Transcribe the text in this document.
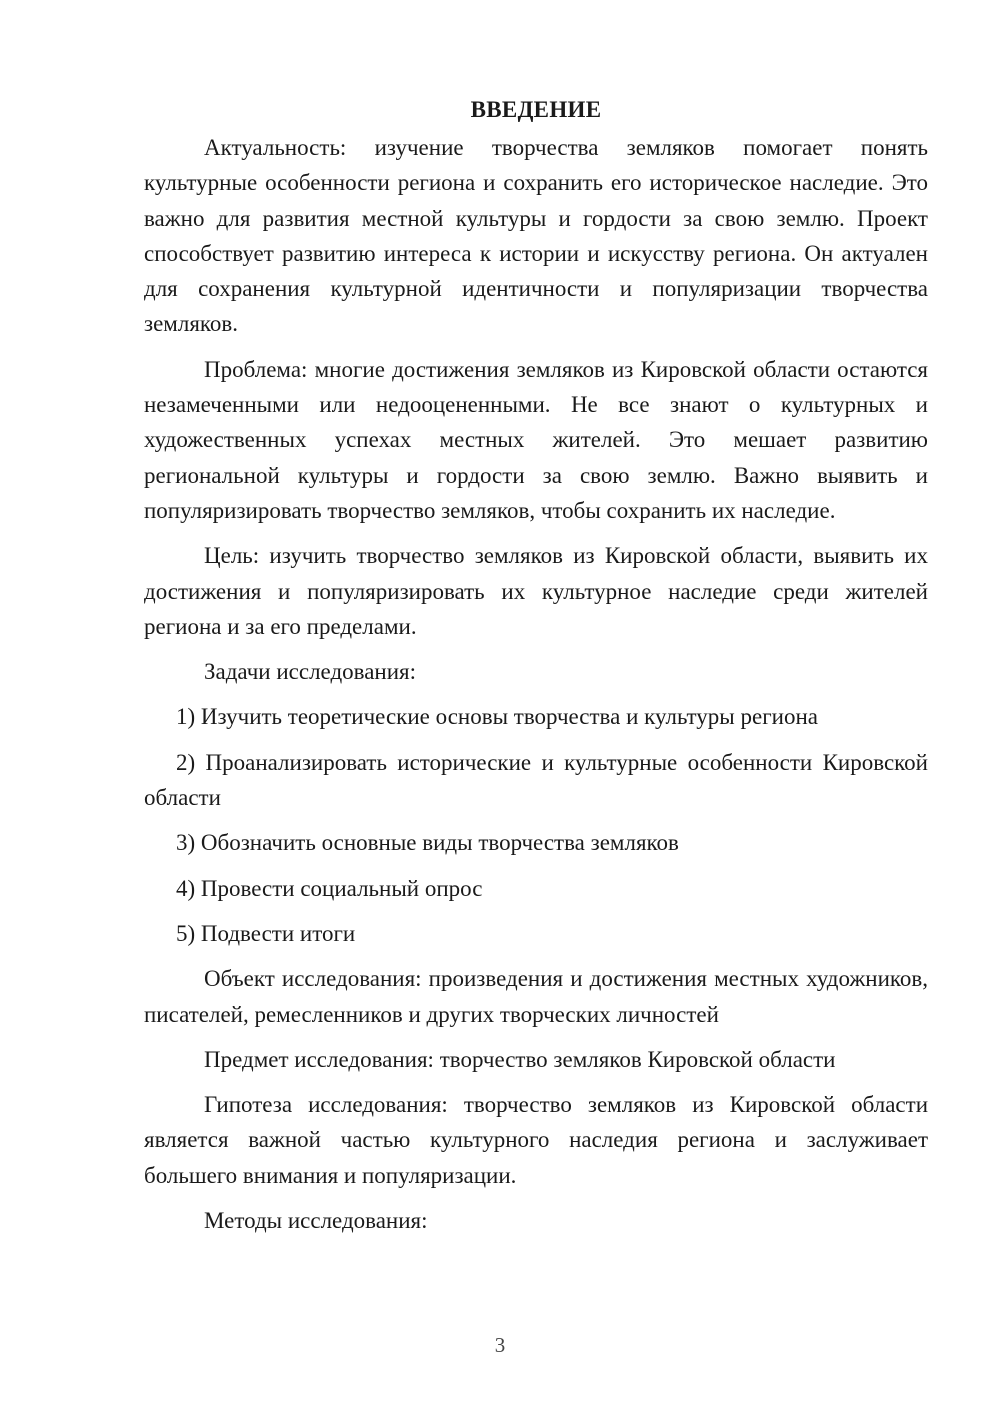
ВВЕДЕНИЕ

Актуальность: изучение творчества земляков помогает понять культурные особенности региона и сохранить его историческое наследие. Это важно для развития местной культуры и гордости за свою землю. Проект способствует развитию интереса к истории и искусству региона. Он актуален для сохранения культурной идентичности и популяризации творчества земляков.

Проблема: многие достижения земляков из Кировской области остаются незамеченными или недооцененными. Не все знают о культурных и художественных успехах местных жителей. Это мешает развитию региональной культуры и гордости за свою землю. Важно выявить и популяризировать творчество земляков, чтобы сохранить их наследие.

Цель: изучить творчество земляков из Кировской области, выявить их достижения и популяризировать их культурное наследие среди жителей региона и за его пределами.

Задачи исследования:

1) Изучить теоретические основы творчества и культуры региона

2) Проанализировать исторические и культурные особенности Кировской области

3) Обозначить основные виды творчества земляков

4) Провести социальный опрос

5) Подвести итоги

Объект исследования: произведения и достижения местных художников, писателей, ремесленников и других творческих личностей

Предмет исследования: творчество земляков Кировской области

Гипотеза исследования: творчество земляков из Кировской области является важной частью культурного наследия региона и заслуживает большего внимания и популяризации.

Методы исследования:

3
